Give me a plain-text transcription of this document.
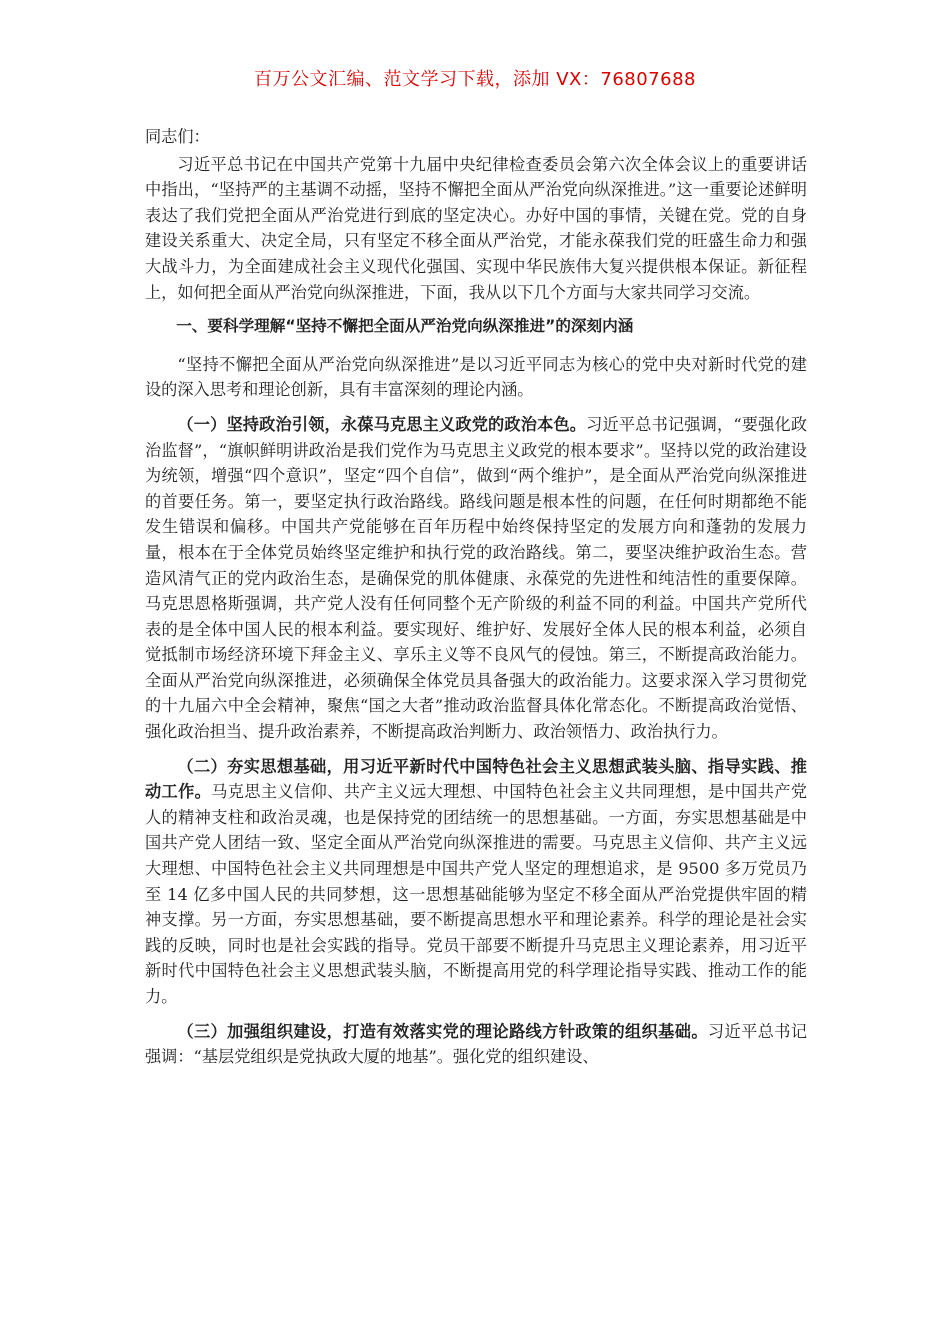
百万公文汇编、范文学习下载，添加 VX：76807688

同志们：

习近平总书记在中国共产党第十九届中央纪律检查委员会第六次全体会议上的重要讲话中指出，“坚持严的主基调不动摇，坚持不懈把全面从严治党向纵深推进。”这一重要论述鲜明表达了我们党把全面从严治党进行到底的坚定决心。办好中国的事情，关键在党。党的自身建设关系重大、决定全局，只有坚定不移全面从严治党，才能永葆我们党的旺盛生命力和强大战斗力，为全面建成社会主义现代化强国、实现中华民族伟大复兴提供根本保证。新征程上，如何把全面从严治党向纵深推进，下面，我从以下几个方面与大家共同学习交流。

一、要科学理解“坚持不懈把全面从严治党向纵深推进”的深刻内涵

“坚持不懈把全面从严治党向纵深推进”是以习近平同志为核心的党中央对新时代党的建设的深入思考和理论创新，具有丰富深刻的理论内涵。

（一）坚持政治引领，永葆马克思主义政党的政治本色。习近平总书记强调，“要强化政治监督”，“旗帜鲜明讲政治是我们党作为马克思主义政党的根本要求”。坚持以党的政治建设为统领，增强“四个意识”，坚定“四个自信”，做到“两个维护”，是全面从严治党向纵深推进的首要任务。第一，要坚定执行政治路线。路线问题是根本性的问题，在任何时期都绝不能发生错误和偏移。中国共产党能够在百年历程中始终保持坚定的发展方向和蓬勃的发展力量，根本在于全体党员始终坚定维护和执行党的政治路线。第二，要坚决维护政治生态。营造风清气正的党内政治生态，是确保党的肌体健康、永葆党的先进性和纯洁性的重要保障。马克思恩格斯强调，共产党人没有任何同整个无产阶级的利益不同的利益。中国共产党所代表的是全体中国人民的根本利益。要实现好、维护好、发展好全体人民的根本利益，必须自觉抵制市场经济环境下拜金主义、享乐主义等不良风气的侵蚀。第三，不断提高政治能力。全面从严治党向纵深推进，必须确保全体党员具备强大的政治能力。这要求深入学习贯彻党的十九届六中全会精神，聚焦“国之大者”推动政治监督具体化常态化。不断提高政治觉悟、强化政治担当、提升政治素养，不断提高政治判断力、政治领悟力、政治执行力。

（二）夯实思想基础，用习近平新时代中国特色社会主义思想武装头脑、指导实践、推动工作。马克思主义信仰、共产主义远大理想、中国特色社会主义共同理想，是中国共产党人的精神支柱和政治灵魂，也是保持党的团结统一的思想基础。一方面，夯实思想基础是中国共产党人团结一致、坚定全面从严治党向纵深推进的需要。马克思主义信仰、共产主义远大理想、中国特色社会主义共同理想是中国共产党人坚定的理想追求，是 9500 多万党员乃至 14 亿多中国人民的共同梦想，这一思想基础能够为坚定不移全面从严治党提供牢固的精神支撑。另一方面，夯实思想基础，要不断提高思想水平和理论素养。科学的理论是社会实践的反映，同时也是社会实践的指导。党员干部要不断提升马克思主义理论素养，用习近平新时代中国特色社会主义思想武装头脑，不断提高用党的科学理论指导实践、推动工作的能力。

（三）加强组织建设，打造有效落实党的理论路线方针政策的组织基础。习近平总书记强调：“基层党组织是党执政大厦的地基”。强化党的组织建设、
